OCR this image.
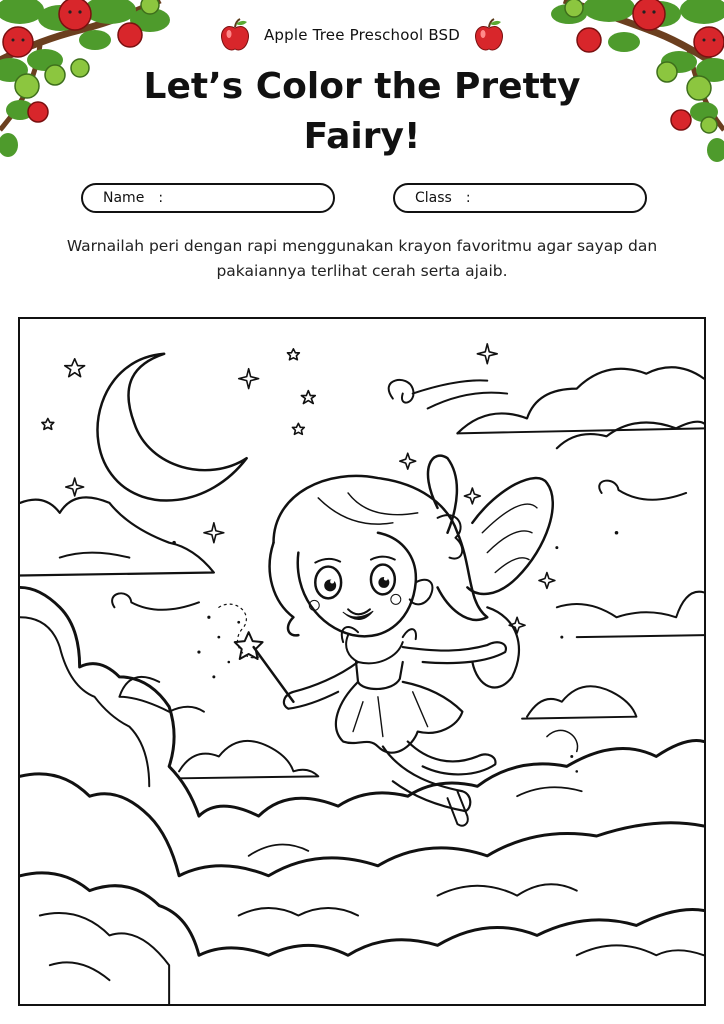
Apple Tree Preschool BSD
Let’s Color the Pretty Fairy!
Name :	Class :
Warnailah peri dengan rapi menggunakan krayon favoritmu agar sayap dan pakaiannya terlihat cerah serta ajaib.
